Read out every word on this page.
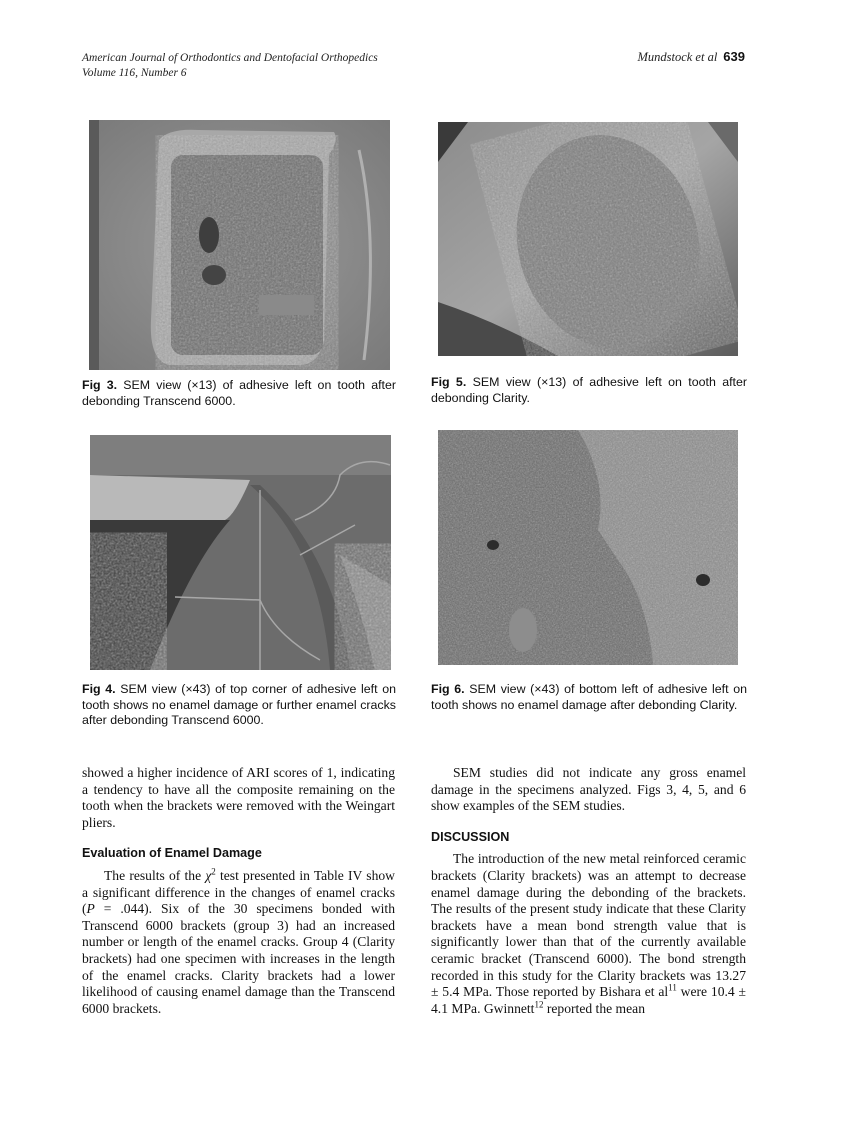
American Journal of Orthodontics and Dentofacial Orthopedics
Volume 116, Number 6
Mundstock et al 639
Fig 3. SEM view (×13) of adhesive left on tooth after debonding Transcend 6000.
Fig 5. SEM view (×13) of adhesive left on tooth after debonding Clarity.
Fig 4. SEM view (×43) of top corner of adhesive left on tooth shows no enamel damage or further enamel cracks after debonding Transcend 6000.
Fig 6. SEM view (×43) of bottom left of adhesive left on tooth shows no enamel damage after debonding Clarity.

showed a higher incidence of ARI scores of 1, indicating a tendency to have all the composite remaining on the tooth when the brackets were removed with the Weingart pliers.

Evaluation of Enamel Damage

The results of the $\chi^2$ test presented in Table IV show a significant difference in the changes of enamel cracks (P = .044). Six of the 30 specimens bonded with Transcend 6000 brackets (group 3) had an increased number or length of the enamel cracks. Group 4 (Clarity brackets) had one specimen with increases in the length of the enamel cracks. Clarity brackets had a lower likelihood of causing enamel damage than the Transcend 6000 brackets.

SEM studies did not indicate any gross enamel damage in the specimens analyzed. Figs 3, 4, 5, and 6 show examples of the SEM studies.

DISCUSSION

The introduction of the new metal reinforced ceramic brackets (Clarity brackets) was an attempt to decrease enamel damage during the debonding of the brackets. The results of the present study indicate that these Clarity brackets have a mean bond strength value that is significantly lower than that of the currently available ceramic bracket (Transcend 6000). The bond strength recorded in this study for the Clarity brackets was 13.27 ± 5.4 MPa. Those reported by Bishara et $al^{11}$ were 10.4 ± 4.1 MPa. Gwinnett$^{12}$ reported the mean
